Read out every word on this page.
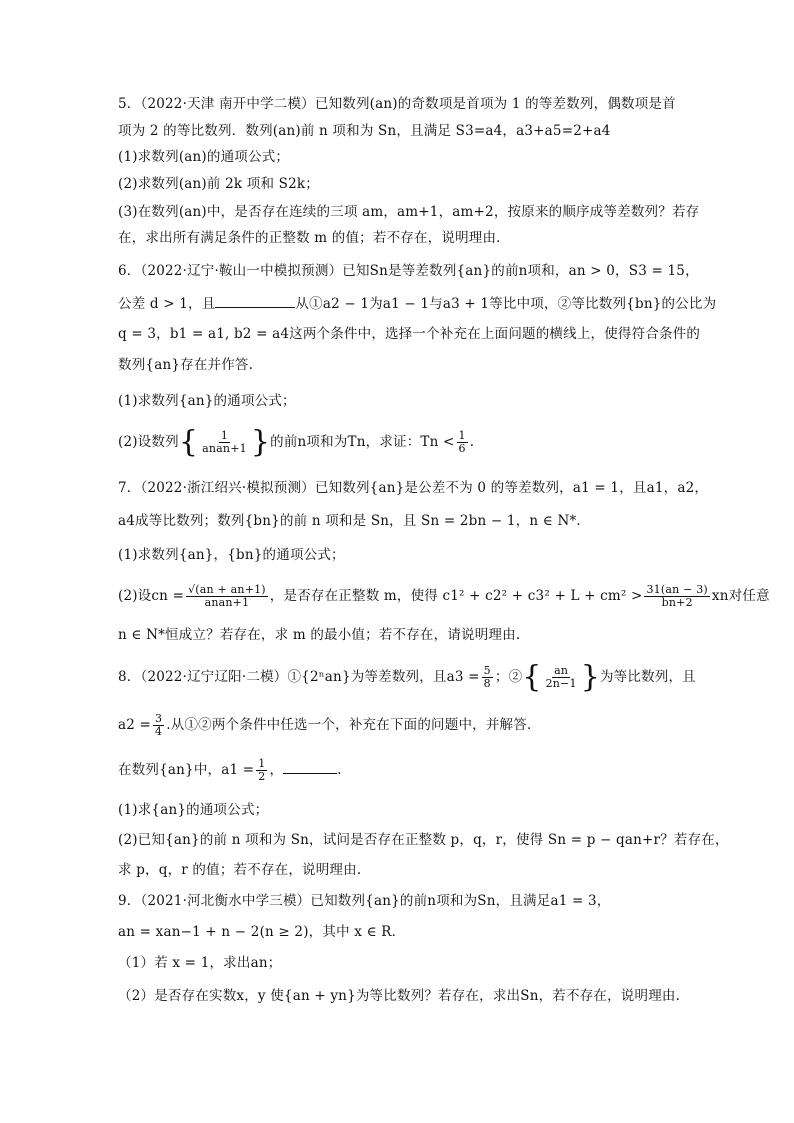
5．（2022·天津 南开中学二模）已知数列(an)的奇数项是首项为 1 的等差数列，偶数项是首
项为 2 的等比数列．数列(an)前 n 项和为 Sn，且满足 S3=a4，a3+a5=2+a4
(1)求数列(an)的通项公式；
(2)求数列(an)前 2k 项和 S2k；
(3)在数列(an)中，是否存在连续的三项 am，am+1，am+2，按原来的顺序成等差数列？若存
在，求出所有满足条件的正整数 m 的值；若不存在，说明理由．
6．（2022·辽宁·鞍山一中模拟预测）已知Sn是等差数列{an}的前n项和，an > 0，S3 = 15，
公差 d > 1，且	从①a2 − 1为a1 − 1与a3 + 1等比中项，②等比数列{bn}的公比为
q = 3，b1 = a1, b2 = a4这两个条件中，选择一个补充在上面问题的横线上，使得符合条件的
数列{an}存在并作答.
(1)求数列{an}的通项公式；
(2)设数列{ $\frac{1}{\text{anan+1}}$ }的前n项和为Tn，求证：$Tn < \frac{1}{6}$ .
7．（2022·浙江绍兴·模拟预测）已知数列{an}是公差不为 0 的等差数列，a1 = 1，且a1，a2，
a4成等比数列；数列{bn}的前 n 项和是 Sn，且 Sn = 2bn − 1，n ∈ N*．
(1)求数列{an}，{bn}的通项公式；
(2)设cn = $\frac{√(an + an+1)}{\text{anan+1}}$ ，是否存在正整数 m，使得 $c1^2 + c2^2 + c3^2 + L + cm^2 > \frac{31(an - 3)}{bn+2}$ xn对任意
n ∈ N*恒成立？若存在，求 m 的最小值；若不存在，请说明理由．
8．（2022·辽宁辽阳·二模）①{2ⁿan}为等差数列，且$a3 = \frac{5}{8}$ ；②{ $\frac{an}{2n-1}$ }为等比数列，且
$a2 = \frac{3}{4}$ .从①②两个条件中任选一个，补充在下面的问题中，并解答．
在数列{an}中，$a1 = \frac{1}{2}$ ，	.
(1)求{an}的通项公式；
(2)已知{an}的前 n 项和为 Sn，试问是否存在正整数 p，q，r，使得 Sn = p − qan+r？若存在，
求 p，q，r 的值；若不存在，说明理由.
9．（2021·河北衡水中学三模）已知数列{an}的前n项和为Sn，且满足a1 = 3，
an = xan−1 + n − 2(n ≥ 2)，其中 x ∈ R．
（1）若 x = 1，求出an；
（2）是否存在实数x，y 使{an + yn}为等比数列？若存在，求出Sn，若不存在，说明理由.
